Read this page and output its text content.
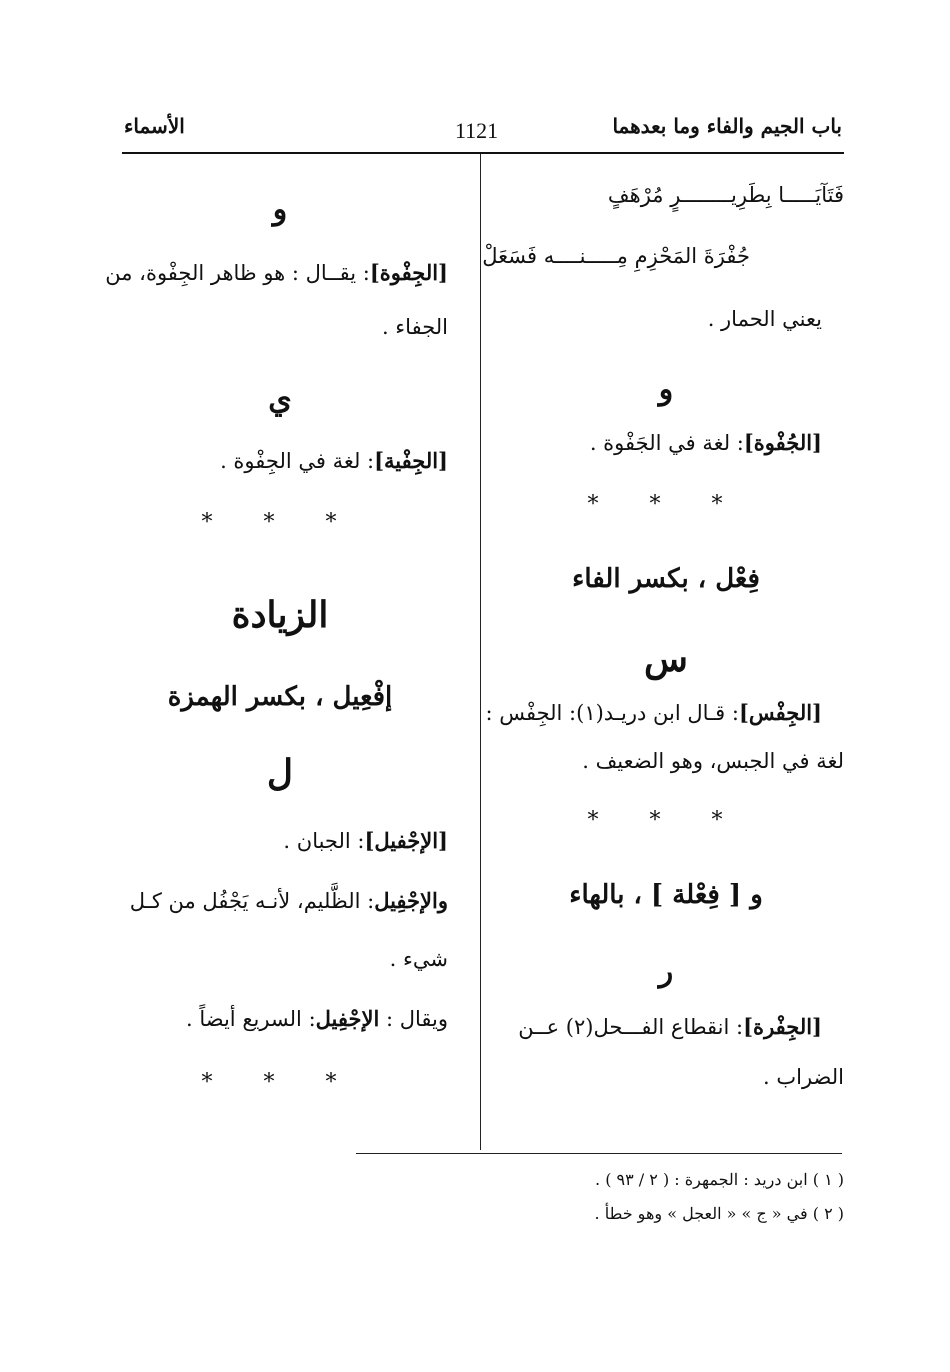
باب الجيم والفاء وما بعدهما
1121
الأسماء
فَتَآيَـــــا بِطَرِيــــــــرٍ مُرْهَفٍ
جُفْرَةَ المَحْزِمِ مِـــــنــــه فَسَعَلْ
يعني الحمار .
و
[الجُفْوة]: لغة في الجَفْوة .
* * *
فِعْل ، بكسر الفاء
س
[الجِفْس]: قـال ابن دريـد(١): الجِفْس :
لغة في الجبس، وهو الضعيف .
* * *
و [ فِعْلة ] ، بالهاء
ر
[الجِفْرة]: انقطاع الفـــحل(٢) عــن
الضراب .
و
[الجِفْوة]: يقــال : هو ظاهر الجِفْوة، من
الجفاء .
ي
[الجِفْية]: لغة في الجِفْوة .
* * *
الزيادة
إفْعِيل ، بكسر الهمزة
ل
[الإجْفيل]: الجبان .
والإجْفِيل: الظَّليم، لأنـه يَجْفُل من كـل
شيء .
ويقال : الإجْفِيل: السريع أيضاً .
* * *
( ١ ) ابن دريد : الجمهرة : ( ٢ / ٩٣ ) .
( ٢ ) في « ج » « العجل » وهو خطأ .
